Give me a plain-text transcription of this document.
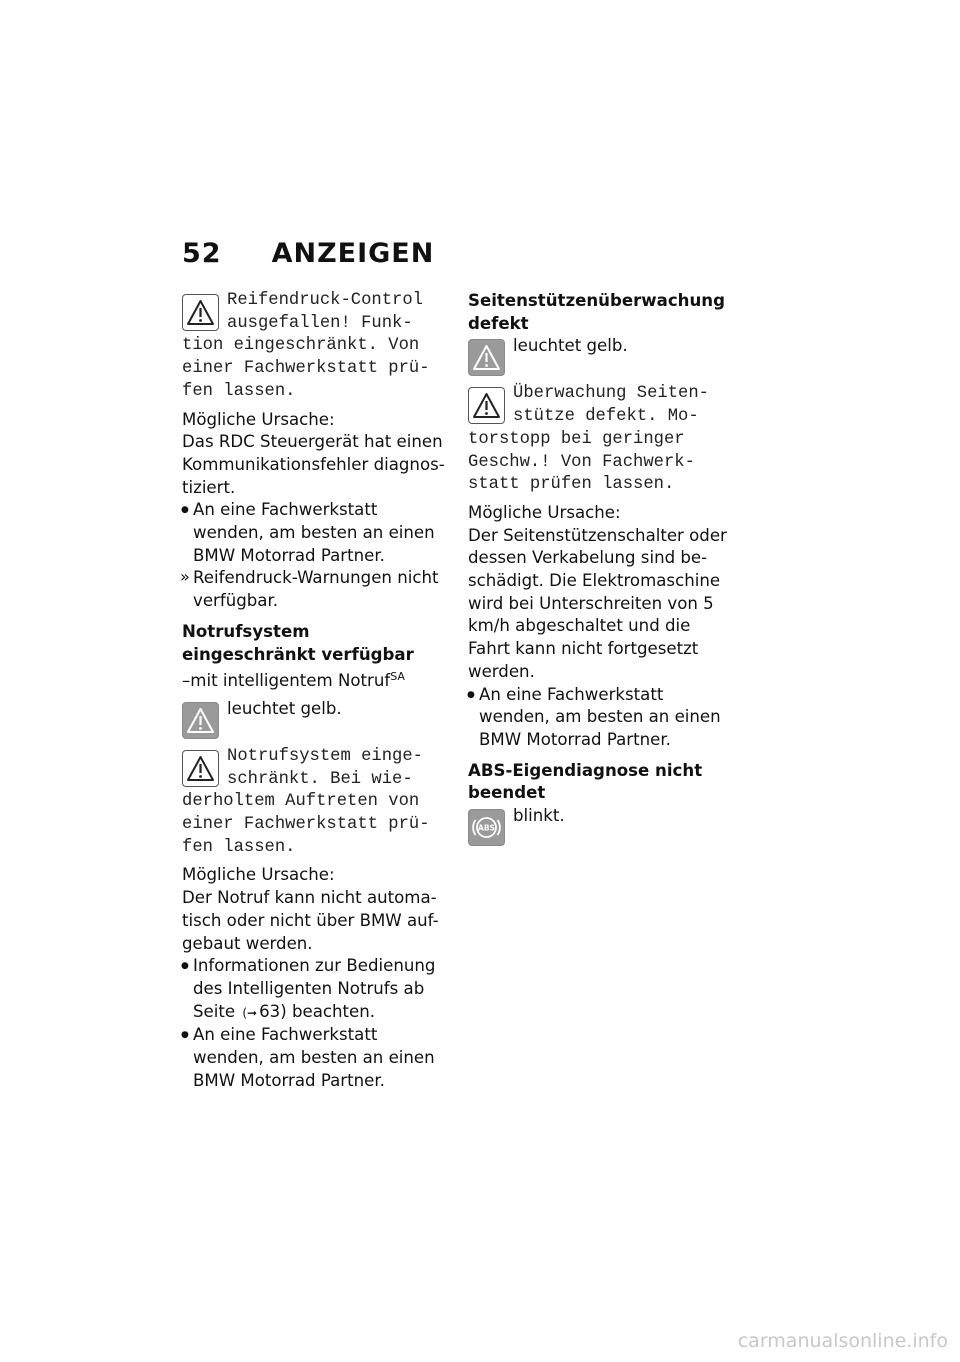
52 ANZEIGEN

Reifendruck-Control ausgefallen! Funk- tion eingeschränkt. Von einer Fachwerkstatt prü- fen lassen.

Mögliche Ursache:

Das RDC Steuergerät hat einen Kommunikationsfehler diagnos- tiziert.

● An eine Fachwerkstatt wenden, am besten an einen BMW Motorrad Partner.
» Reifendruck-Warnungen nicht verfügbar.
Notrufsystem eingeschränkt verfügbar

–mit intelligentem Notruf$^{SA}$

leuchtet gelb.

Notrufsystem einge- schränkt. Bei wie- derholtem Auftreten von einer Fachwerkstatt prü- fen lassen.

Mögliche Ursache:

Der Notruf kann nicht automa- tisch oder nicht über BMW auf- gebaut werden.

● Informationen zur Bedienung des Intelligenten Notrufs ab Seite (➞ 63) beachten.
● An eine Fachwerkstatt wenden, am besten an einen BMW Motorrad Partner.
Seitenstützenüberwachung defekt

leuchtet gelb.

Überwachung Seiten- stütze defekt. Mo- torstopp bei geringer Geschw.! Von Fachwerk- statt prüfen lassen.

Mögliche Ursache:

Der Seitenstützenschalter oder dessen Verkabelung sind be- schädigt. Die Elektromaschine wird bei Unterschreiten von 5 km/h abgeschaltet und die Fahrt kann nicht fortgesetzt werden.

● An eine Fachwerkstatt wenden, am besten an einen BMW Motorrad Partner.
ABS-Eigendiagnose nicht beendet
ABS

blinkt.

carmanualsonline.info
